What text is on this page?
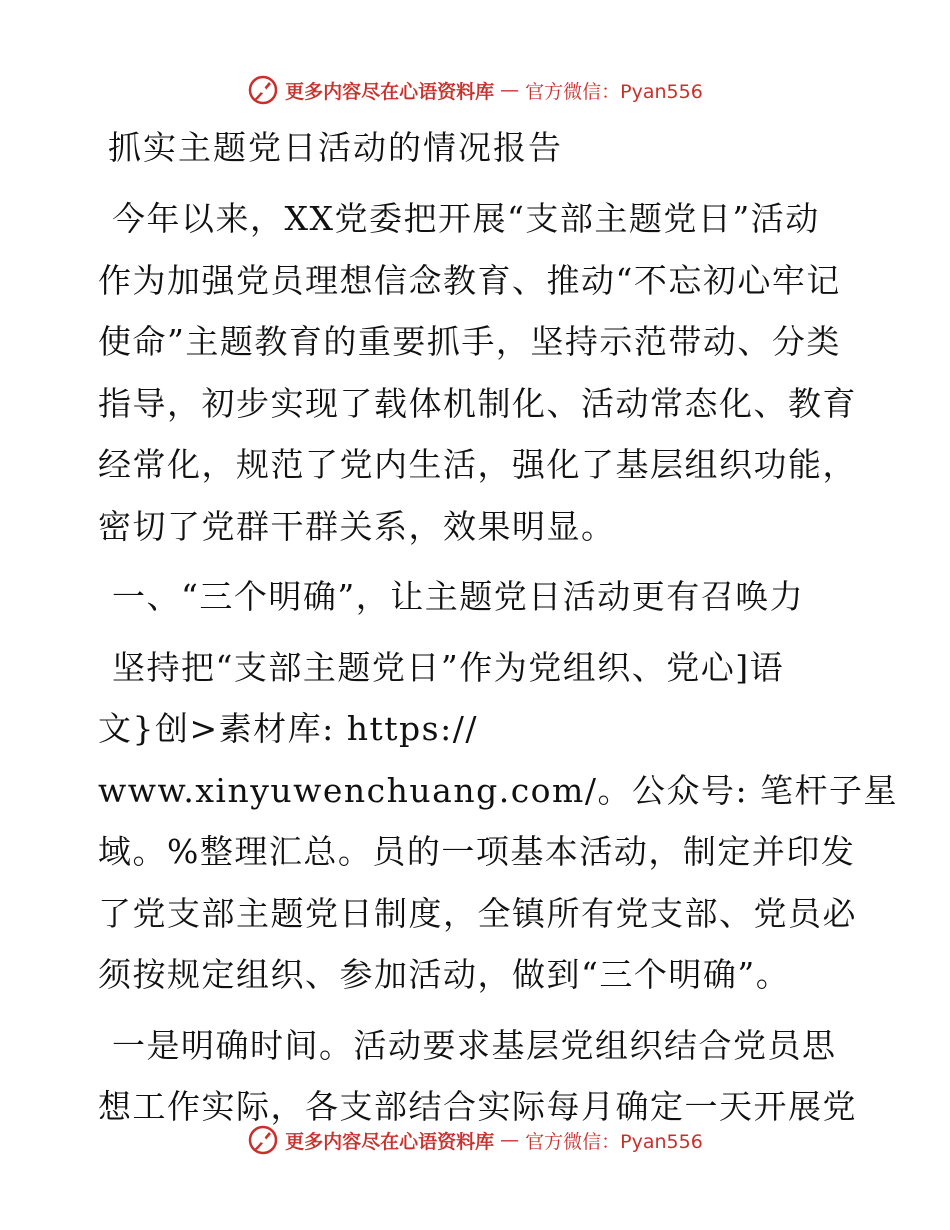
更多内容尽在心语资料库 — 官方微信：Pyan556
抓实主题党日活动的情况报告
今年以来，XX党委把开展“支部主题党日”活动
作为加强党员理想信念教育、推动“不忘初心牢记
使命”主题教育的重要抓手，坚持示范带动、分类
指导，初步实现了载体机制化、活动常态化、教育
经常化，规范了党内生活，强化了基层组织功能，
密切了党群干群关系，效果明显。
一、“三个明确”，让主题党日活动更有召唤力
坚持把“支部主题党日”作为党组织、党心]语
文}创>素材库: https://
www.xinyuwenchuang.com/。公众号: 笔杆子星
域。%整理汇总。员的一项基本活动，制定并印发
了党支部主题党日制度，全镇所有党支部、党员必
须按规定组织、参加活动，做到“三个明确”。
一是明确时间。活动要求基层党组织结合党员思
想工作实际，各支部结合实际每月确定一天开展党
更多内容尽在心语资料库 — 官方微信：Pyan556
